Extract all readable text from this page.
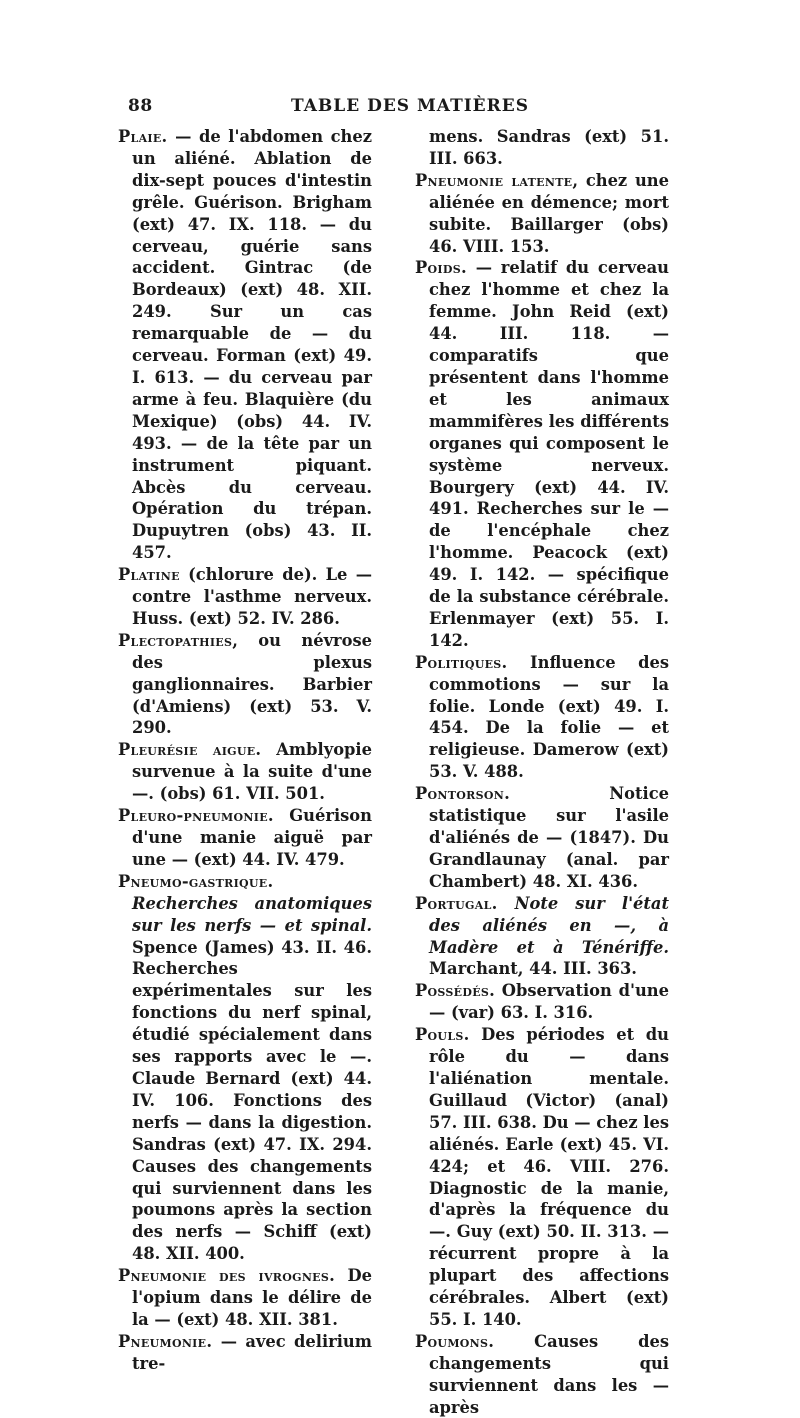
88	TABLE DES MATIÈRES

Plaie. — de l'abdomen chez un aliéné. Ablation de dix-sept pouces d'intestin grêle. Guérison. Brigham (ext) 47. IX. 118. — du cerveau, guérie sans accident. Gintrac (de Bordeaux) (ext) 48. XII. 249. Sur un cas remarquable de — du cerveau. Forman (ext) 49. I. 613. — du cerveau par arme à feu. Blaquière (du Mexique) (obs) 44. IV. 493. — de la tête par un instrument piquant. Abcès du cerveau. Opération du trépan. Dupuytren (obs) 43. II. 457.

Platine (chlorure de). Le — contre l'asthme nerveux. Huss. (ext) 52. IV. 286.

Plectopathies, ou névrose des plexus ganglionnaires. Barbier (d'Amiens) (ext) 53. V. 290.

Pleurésie aigue. Amblyopie survenue à la suite d'une —. (obs) 61. VII. 501.

Pleuro-pneumonie. Guérison d'une manie aiguë par une — (ext) 44. IV. 479.

Pneumo-gastrique. Recherches anatomiques sur les nerfs — et spinal. Spence (James) 43. II. 46. Recherches expérimentales sur les fonctions du nerf spinal, étudié spécialement dans ses rapports avec le —. Claude Bernard (ext) 44. IV. 106. Fonctions des nerfs — dans la digestion. Sandras (ext) 47. IX. 294. Causes des changements qui surviennent dans les poumons après la section des nerfs — Schiff (ext) 48. XII. 400.

Pneumonie des ivrognes. De l'opium dans le délire de la — (ext) 48. XII. 381.

Pneumonie. — avec delirium tre-

mens. Sandras (ext) 51. III. 663.

Pneumonie latente, chez une aliénée en démence; mort subite. Baillarger (obs) 46. VIII. 153.

Poids. — relatif du cerveau chez l'homme et chez la femme. John Reid (ext) 44. III. 118. — comparatifs que présentent dans l'homme et les animaux mammifères les différents organes qui composent le système nerveux. Bourgery (ext) 44. IV. 491. Recherches sur le — de l'encéphale chez l'homme. Peacock (ext) 49. I. 142. — spécifique de la substance cérébrale. Erlenmayer (ext) 55. I. 142.

Politiques. Influence des commotions — sur la folie. Londe (ext) 49. I. 454. De la folie — et religieuse. Damerow (ext) 53. V. 488.

Pontorson. Notice statistique sur l'asile d'aliénés de — (1847). Du Grandlaunay (anal. par Chambert) 48. XI. 436.

Portugal. Note sur l'état des aliénés en —, à Madère et à Ténériffe. Marchant, 44. III. 363.

Possédés. Observation d'une — (var) 63. I. 316.

Pouls. Des périodes et du rôle du — dans l'aliénation mentale. Guillaud (Victor) (anal) 57. III. 638. Du — chez les aliénés. Earle (ext) 45. VI. 424; et 46. VIII. 276. Diagnostic de la manie, d'après la fréquence du —. Guy (ext) 50. II. 313. — récurrent propre à la plupart des affections cérébrales. Albert (ext) 55. I. 140.

Poumons. Causes des changements qui surviennent dans les — après
